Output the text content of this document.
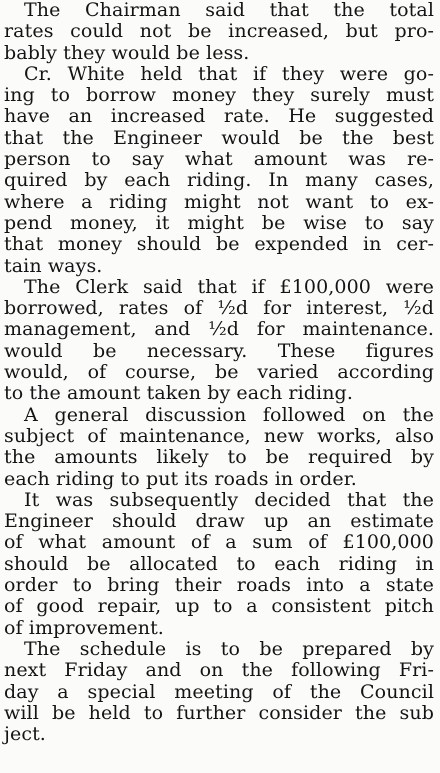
The Chairman said that the total
rates could not be increased, but pro-
bably they would be less.
Cr. White held that if they were go-
ing to borrow money they surely must
have an increased rate. He suggested
that the Engineer would be the best
person to say what amount was re-
quired by each riding. In many cases,
where a riding might not want to ex-
pend money, it might be wise to say
that money should be expended in cer-
tain ways.
The Clerk said that if £100,000 were
borrowed, rates of ½d for interest, ½d
management, and ½d for maintenance.
would be necessary. These figures
would, of course, be varied according
to the amount taken by each riding.
A general discussion followed on the
subject of maintenance, new works, also
the amounts likely to be required by
each riding to put its roads in order.
It was subsequently decided that the
Engineer should draw up an estimate
of what amount of a sum of £100,000
should be allocated to each riding in
order to bring their roads into a state
of good repair, up to a consistent pitch
of improvement.
The schedule is to be prepared by
next Friday and on the following Fri-
day a special meeting of the Council
will be held to further consider the sub
ject.
